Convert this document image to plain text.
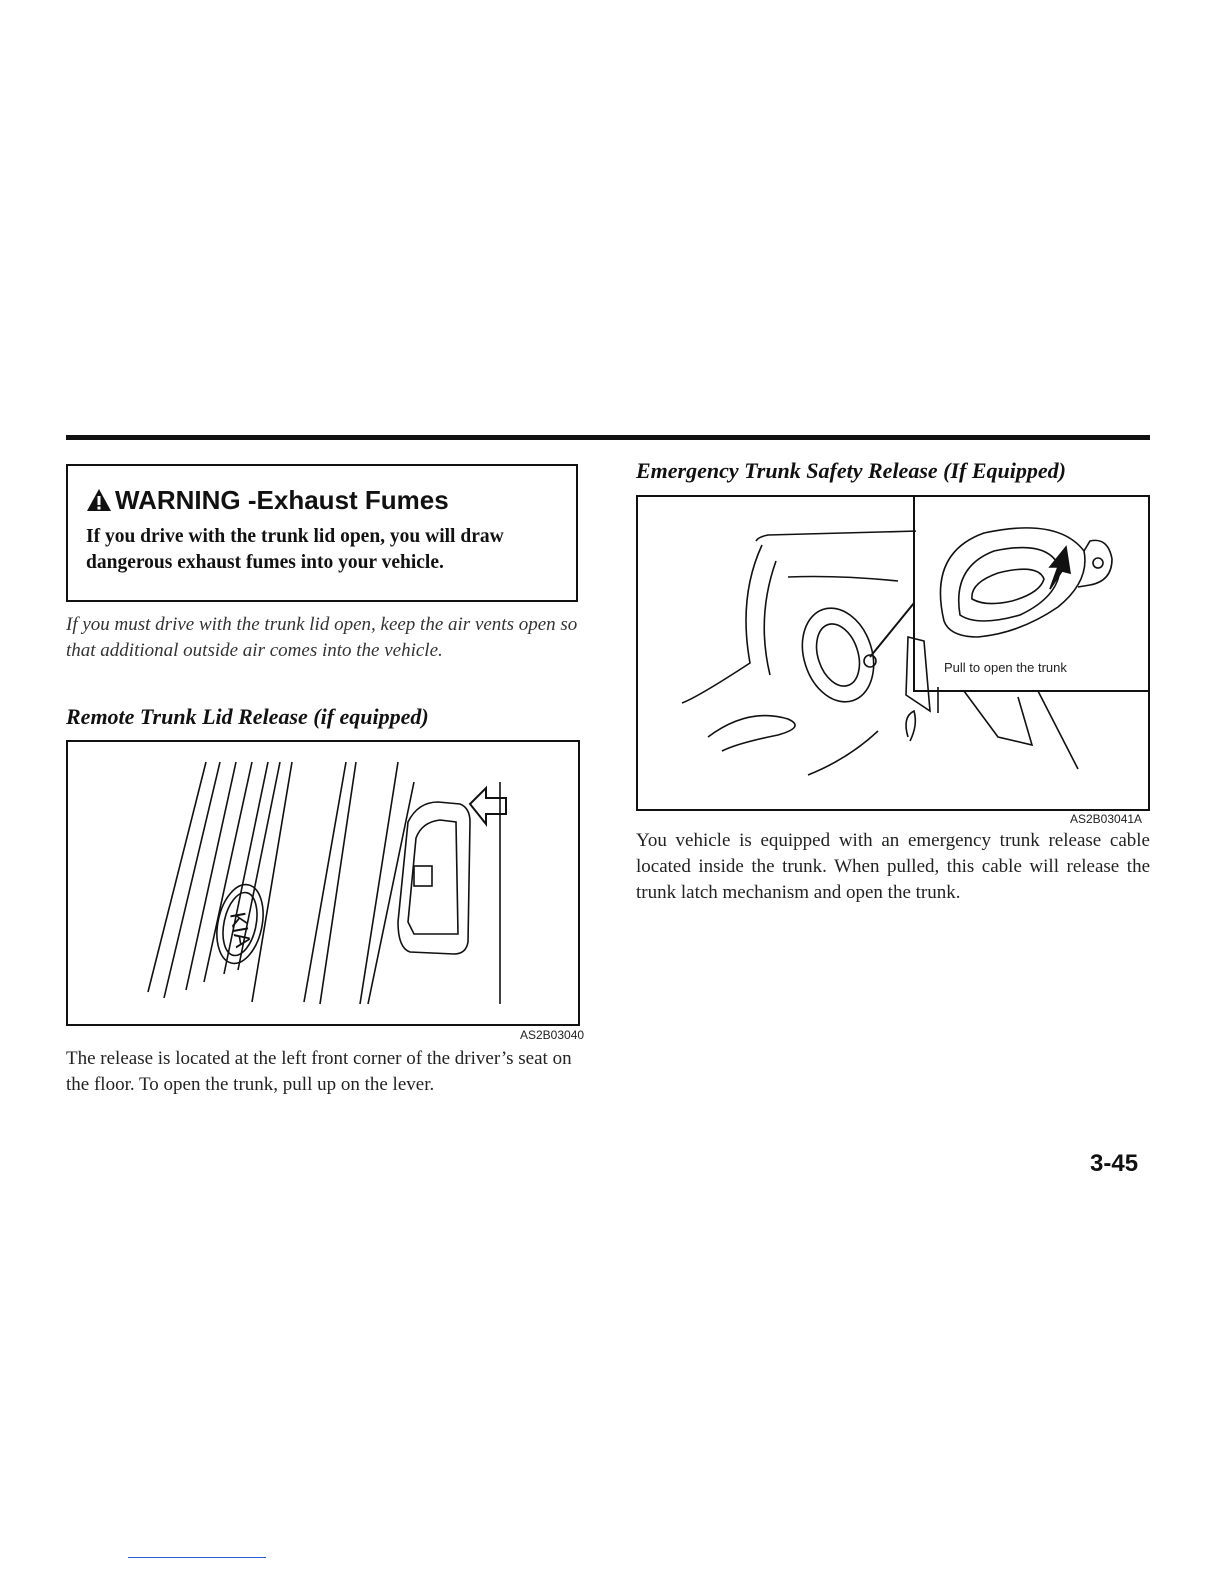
WARNING -Exhaust Fumes
If you drive with the trunk lid open, you will draw dangerous exhaust fumes into your vehicle.
If you must drive with the trunk lid open, keep the air vents open so that additional outside air comes into the vehicle.
Remote Trunk Lid Release (if equipped)
KIA
AS2B03040
The release is located at the left front corner of the driver’s seat on the floor. To open the trunk, pull up on the lever.
Emergency Trunk Safety Release (If Equipped)
Pull to open the trunk
AS2B03041A
You vehicle is equipped with an emergency trunk release cable located inside the trunk. When pulled, this cable will release the trunk latch mechanism and open the trunk.
3-45
